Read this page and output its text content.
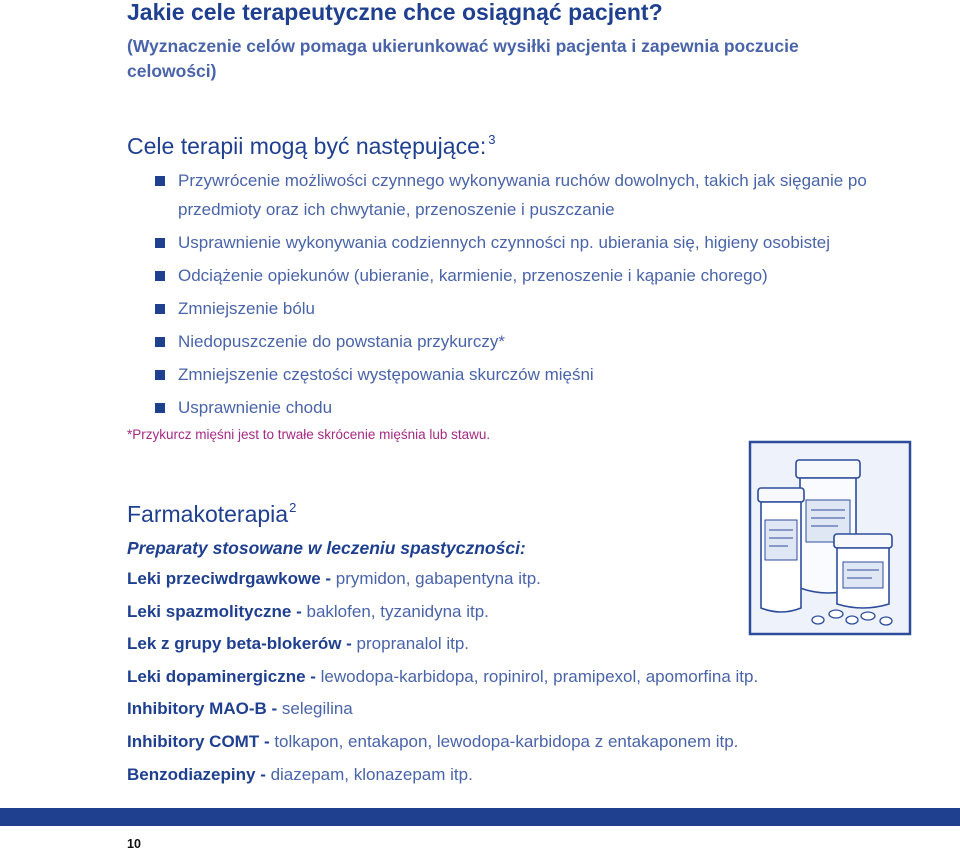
Jakie cele terapeutyczne chce osiągnąć pacjent?
(Wyznaczenie celów pomaga ukierunkować wysiłki pacjenta i zapewnia poczucie celowości)
Cele terapii mogą być następujące: $^3$
Przywrócenie możliwości czynnego wykonywania ruchów dowolnych, takich jak sięganie po przedmioty oraz ich chwytanie, przenoszenie i puszczanie
Usprawnienie wykonywania codziennych czynności np. ubierania się, higieny osobistej
Odciążenie opiekunów (ubieranie, karmienie, przenoszenie i kąpanie chorego)
Zmniejszenie bólu
Niedopuszczenie do powstania przykurczy*
Zmniejszenie częstości występowania skurczów mięśni
Usprawnienie chodu
*Przykurcz mięśni jest to trwałe skrócenie mięśnia lub stawu.
Farmakoterapia$^2$
Preparaty stosowane w leczeniu spastyczności:
Leki przeciwdrgawkowe - prymidon, gabapentyna itp.
Leki spazmolityczne - baklofen, tyzanidyna itp.
Lek z grupy beta-blokerów - propranalol itp.
Leki dopaminergiczne - lewodopa-karbidopa, ropinirol, pramipexol, apomorfina itp.
Inhibitory MAO-B - selegilina
Inhibitory COMT - tolkapon, entakapon, lewodopa-karbidopa z entakaponem itp.
Benzodiazepiny - diazepam, klonazepam itp.
10
